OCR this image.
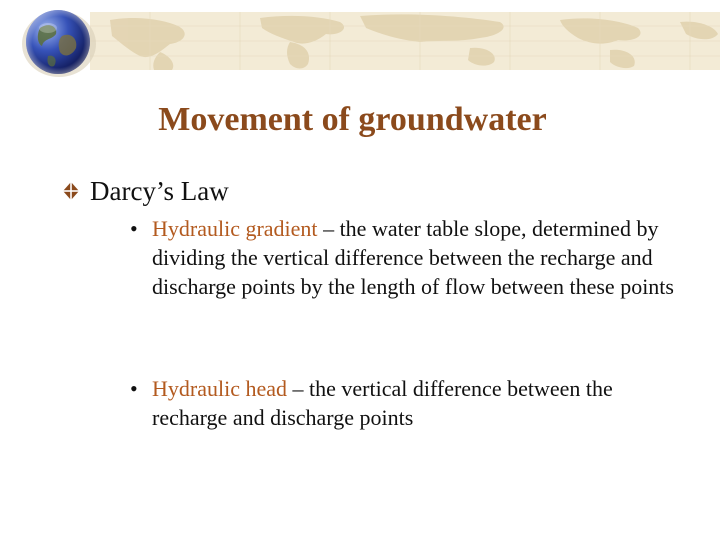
Movement of groundwater
Darcy’s Law
• Hydraulic gradient – the water table slope, determined by dividing the vertical difference between the recharge and discharge points by the length of flow between these points
• Hydraulic head – the vertical difference between the recharge and discharge points
